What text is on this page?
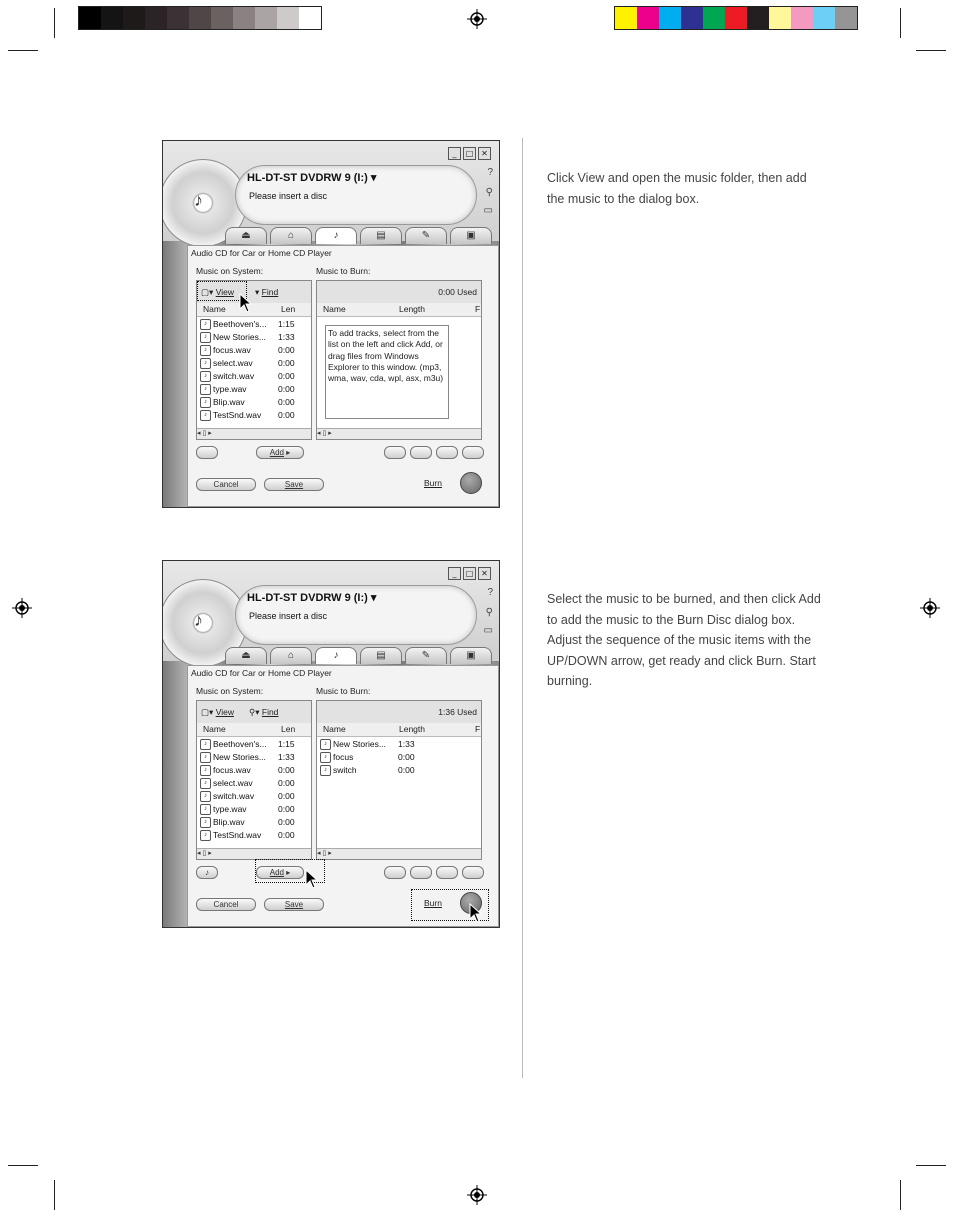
_	□ ✕
♪
HL-DT-ST DVDRW 9 (I:) ▾
Please insert a disc
?
⚲
▭
⏏	⌂	♪	▤	✎	▣
Audio CD for Car or Home CD Player
Music on System:	Music to Burn:
▢▾ View ▾ Find
Name	Len
♪ Beethoven's... 1:15
♪ New Stories... 1:33
♪ focus.wav	0:00
♪ select.wav	0:00
♪ switch.wav	0:00
♪ type.wav	0:00
♪ Blip.wav	0:00
♪ TestSnd.wav 0:00
◂ ▯ ▸
0:00 Used
Name	Length	F
To add tracks, select from the list on the left and click Add, or drag files from Windows Explorer to this window. (mp3, wma, wav, cda, wpl, asx, m3u)
◂ ▯ ▸
Add ▸
Cancel	Save	Burn
_	□ ✕
♪
HL-DT-ST DVDRW 9 (I:) ▾
Please insert a disc
?
⚲
▭
⏏	⌂	♪	▤	✎	▣
Audio CD for Car or Home CD Player
Music on System:	Music to Burn:
▢▾ View ⚲▾ Find
Name	Len
♪ Beethoven's... 1:15
♪ New Stories... 1:33
♪ focus.wav	0:00
♪ select.wav	0:00
♪ switch.wav	0:00
♪ type.wav	0:00
♪ Blip.wav	0:00
♪ TestSnd.wav 0:00
◂ ▯ ▸
1:36 Used
Name	Length	F
♪ New Stories... 1:33
♪ focus	0:00
♪ switch	0:00
◂ ▯ ▸
♪	Add ▸
Cancel	Save	Burn
Click View and open the music folder, then add the music to the dialog box.
Select the music to be burned, and then click Add to add the music to the Burn Disc dialog box.
Adjust the sequence of the music items with the UP/DOWN arrow, get ready and click Burn. Start burning.
